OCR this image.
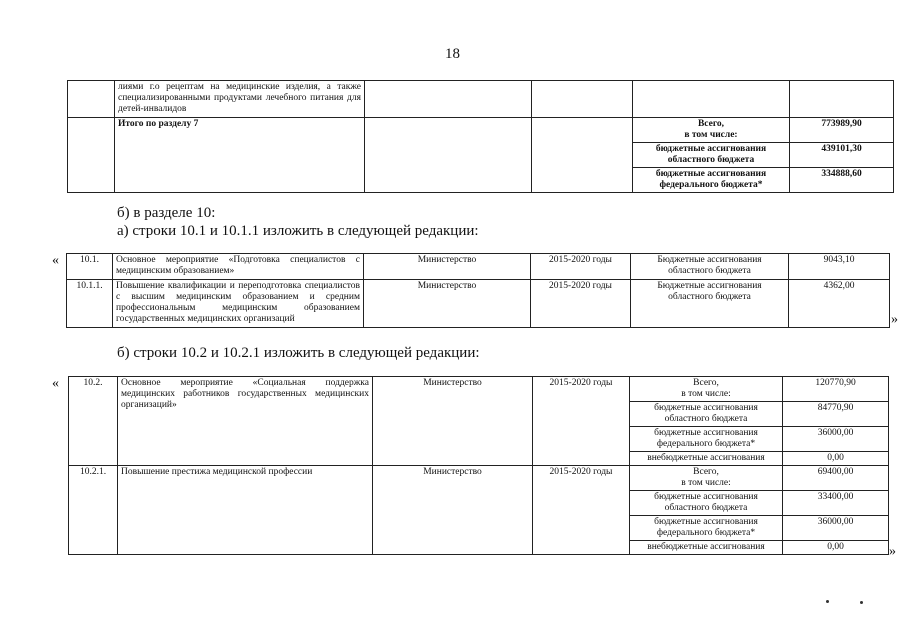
18
	лиями г.о рецептам на медицинские изделия, а также специализированными продуктами лечебного питания для детей-инвалидов				
	Итого по разделу 7			Всего,
в том числе:	773989,90
				бюджетные ассигнования областного бюджета	439101,30
				бюджетные ассигнования федерального бюджета*	334888,60
б) в разделе 10:
а) строки 10.1 и 10.1.1 изложить в следующей редакции:
« 10.1.	Основное мероприятие «Подготовка специалистов с медицинским образованием»	Министерство	2015-2020 годы	Бюджетные ассигнования областного бюджета	9043,10
10.1.1.	Повышение квалификации и переподготовка специалистов с высшим медицинским образованием и средним профессиональным медицинским образованием государственных медицинских организаций	Министерство	2015-2020 годы	Бюджетные ассигнования областного бюджета	4362,00
»
б) строки 10.2 и 10.2.1 изложить в следующей редакции:
«	10.2.	Основное мероприятие «Социальная поддержка медицинских работников государственных медицинских организаций»	Министерство	2015-2020 годы	Всего,
в том числе:	120770,90
				бюджетные ассигнования областного бюджета	84770,90
				бюджетные ассигнования федерального бюджета*	36000,00
				внебюджетные ассигнования	0,00
10.2.1.	Повышение престижа медицинской профессии	Министерство	2015-2020 годы	Всего,
в том числе:	69400,00
				бюджетные ассигнования областного бюджета	33400,00
				бюджетные ассигнования федерального бюджета*	36000,00
				внебюджетные ассигнования	0,00	»
